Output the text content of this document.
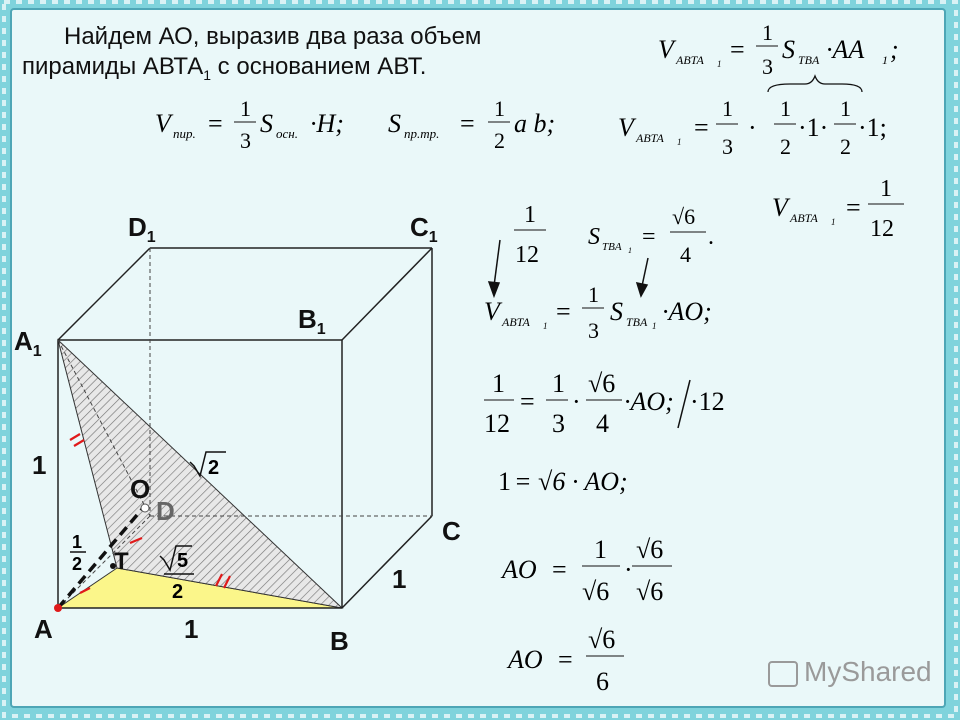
Найдем АО, выразив два раза объем
пирамиды $АВТА_1$ с основанием АВТ.
$D_1$	$C_1$
$B_1$
$A_1$
1
O
D
C
T
1
A	1	B
2
5
2
1
2
V пир. =
1
3
S осн. ·H; S пр.тр. =
1
2
a b;
V ABTA 1 =
1
3
S TBA ·AA 1 ;
V ABTA 1 =
1
3
·
1
2
·1·
1
2
·1;
V ABTA 1 =
1
12
1
12
S TBA 1
=
√6
4
.
V ABTA 1 =
1
3
S TBA 1 ·AO;
1
12
=
1
3
·
√6
4
·AO; ·12
1 = √6 · AO;
AO =
1
√6
·
√6
√6
AO =
√6
6	MyShared
